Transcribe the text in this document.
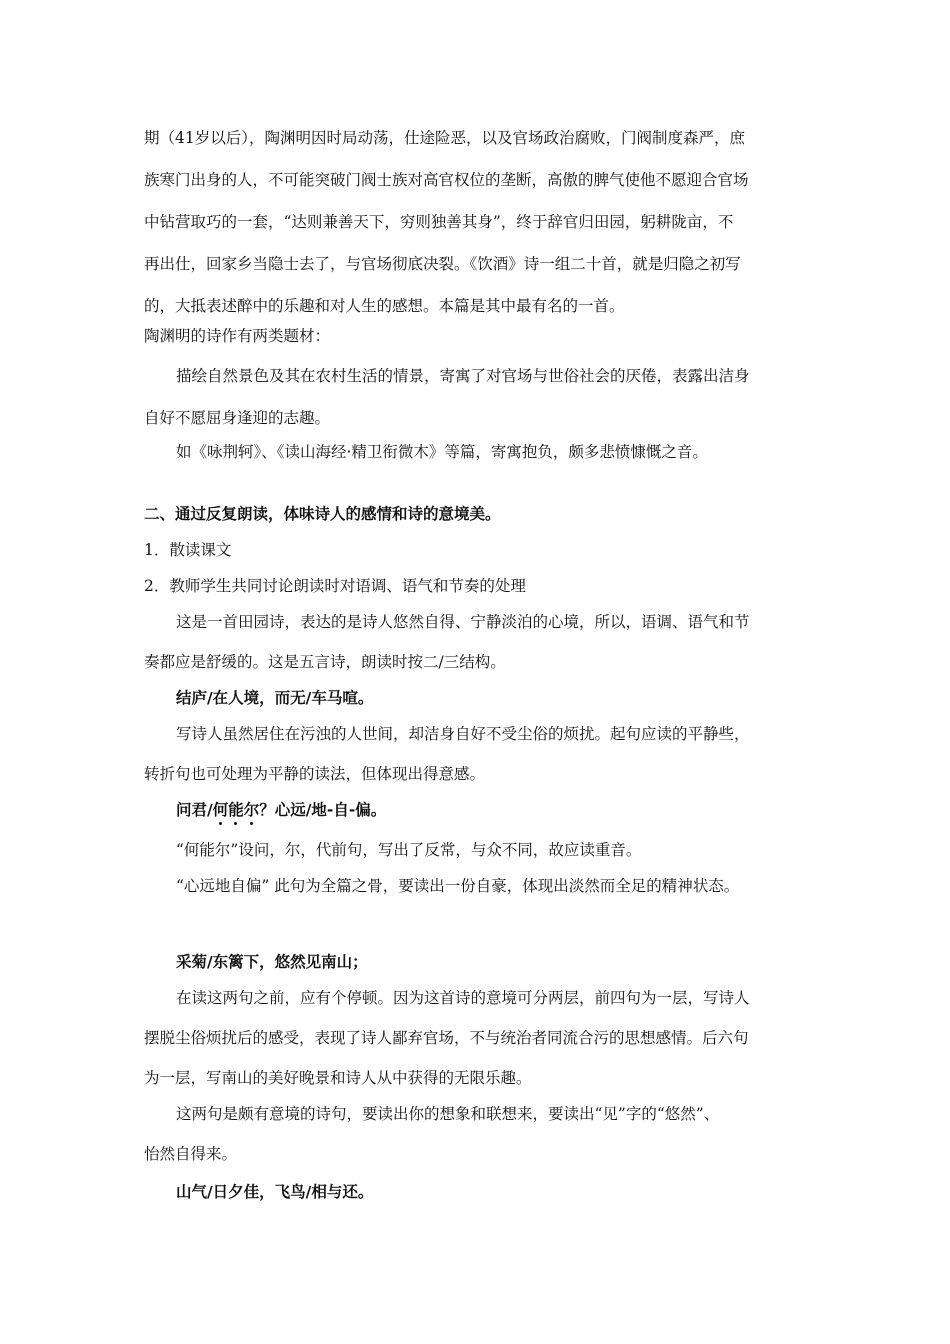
期（41岁以后），陶渊明因时局动荡，仕途险恶，以及官场政治腐败，门阀制度森严，庶
族寒门出身的人，不可能突破门阀士族对高官权位的垄断，高傲的脾气使他不愿迎合官场
中钻营取巧的一套，“达则兼善天下，穷则独善其身”，终于辞官归田园，躬耕陇亩，不
再出仕，回家乡当隐士去了，与官场彻底决裂。《饮酒》诗一组二十首，就是归隐之初写
的，大抵表述醉中的乐趣和对人生的感想。本篇是其中最有名的一首。
陶渊明的诗作有两类题材：
描绘自然景色及其在农村生活的情景，寄寓了对官场与世俗社会的厌倦，表露出洁身
自好不愿屈身逢迎的志趣。
如《咏荆轲》、《读山海经·精卫衔微木》等篇，寄寓抱负，颇多悲愤慷慨之音。
二、通过反复朗读，体味诗人的感情和诗的意境美。
1．散读课文
2．教师学生共同讨论朗读时对语调、语气和节奏的处理
这是一首田园诗，表达的是诗人悠然自得、宁静淡泊的心境，所以，语调、语气和节
奏都应是舒缓的。这是五言诗，朗读时按二/三结构。
结庐/在人境，而无/车马喧。
写诗人虽然居住在污浊的人世间，却洁身自好不受尘俗的烦扰。起句应读的平静些，
转折句也可处理为平静的读法，但体现出得意感。
问君/何能尔？心远/地-自-偏。
“何能尔”设问，尔，代前句，写出了反常，与众不同，故应读重音。
“心远地自偏” 此句为全篇之骨，要读出一份自豪，体现出淡然而全足的精神状态。
采菊/东篱下，悠然见南山；
在读这两句之前，应有个停顿。因为这首诗的意境可分两层，前四句为一层，写诗人
摆脱尘俗烦扰后的感受，表现了诗人鄙弃官场，不与统治者同流合污的思想感情。后六句
为一层，写南山的美好晚景和诗人从中获得的无限乐趣。
这两句是颇有意境的诗句，要读出你的想象和联想来，要读出“见”字的“悠然”、
怡然自得来。
山气/日夕佳，飞鸟/相与还。
